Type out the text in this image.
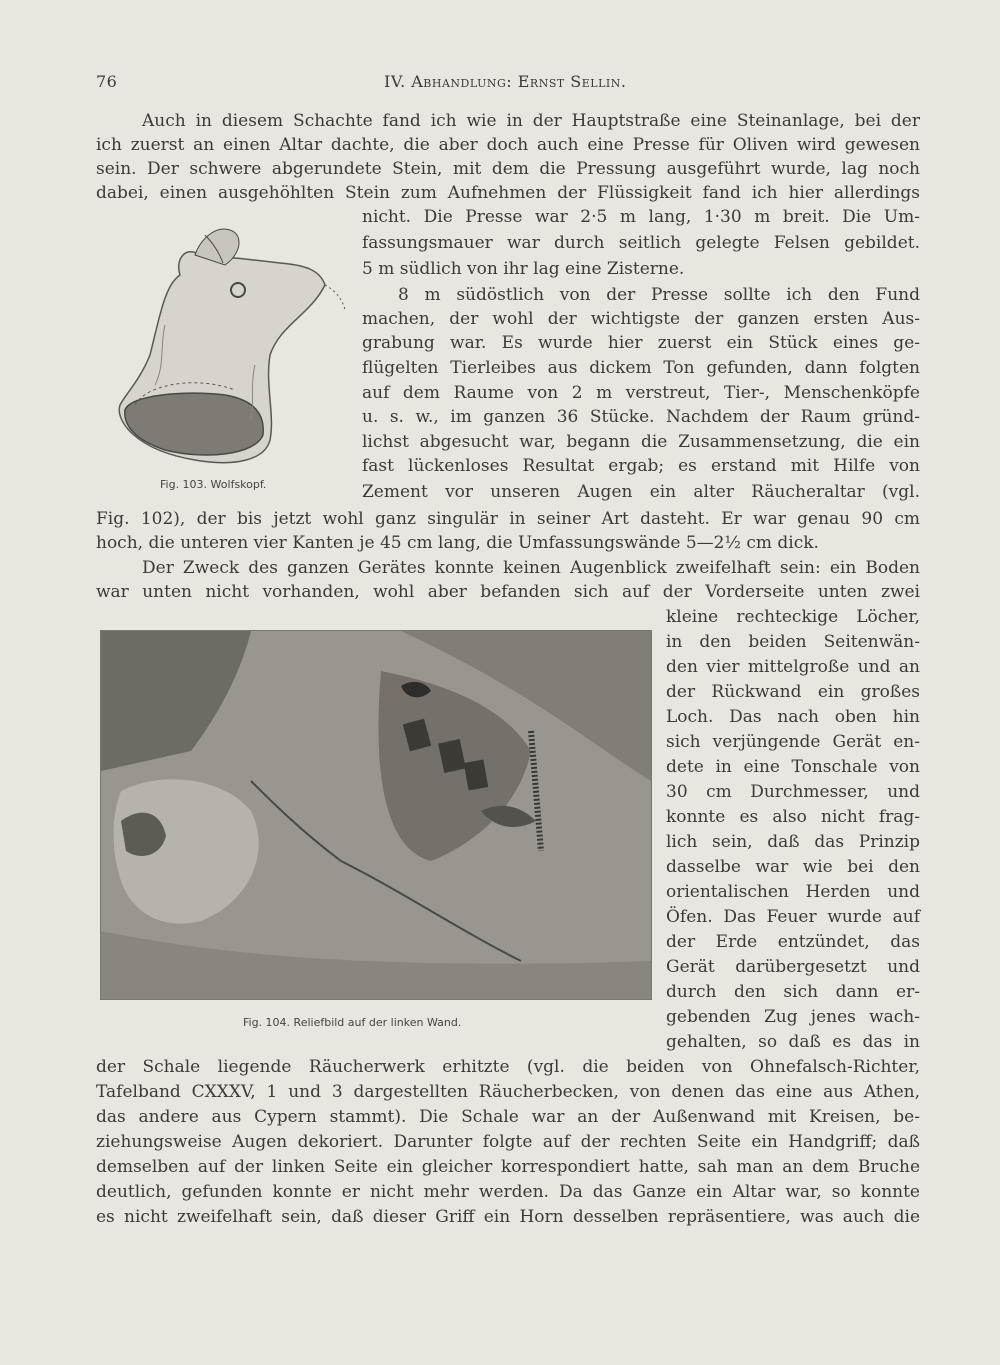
76	IV. Abhandlung: Ernst Sellin.
Fig. 103. Wolfskopf.
Fig. 104. Reliefbild auf der linken Wand.
Auch in diesem Schachte fand ich wie in der Hauptstraße eine Steinanlage, bei der
ich zuerst an einen Altar dachte, die aber doch auch eine Presse für Oliven wird gewesen
sein. Der schwere abgerundete Stein, mit dem die Pressung ausgeführt wurde, lag noch
dabei, einen ausgehöhlten Stein zum Aufnehmen der Flüssigkeit fand ich hier allerdings
nicht. Die Presse war 2·5 m lang, 1·30 m breit. Die Um-
fassungsmauer war durch seitlich gelegte Felsen gebildet.
5 m südlich von ihr lag eine Zisterne.
8 m südöstlich von der Presse sollte ich den Fund
machen, der wohl der wichtigste der ganzen ersten Aus-
grabung war. Es wurde hier zuerst ein Stück eines ge-
flügelten Tierleibes aus dickem Ton gefunden, dann folgten
auf dem Raume von 2 m verstreut, Tier-, Menschenköpfe
u. s. w., im ganzen 36 Stücke. Nachdem der Raum gründ-
lichst abgesucht war, begann die Zusammensetzung, die ein
fast lückenloses Resultat ergab; es erstand mit Hilfe von
Zement vor unseren Augen ein alter Räucheraltar (vgl.
Fig. 102), der bis jetzt wohl ganz singulär in seiner Art dasteht. Er war genau 90 cm
hoch, die unteren vier Kanten je 45 cm lang, die Umfassungswände 5—2½ cm dick.
Der Zweck des ganzen Gerätes konnte keinen Augenblick zweifelhaft sein: ein Boden
war unten nicht vorhanden, wohl aber befanden sich auf der Vorderseite unten zwei
kleine rechteckige Löcher,
in den beiden Seitenwän-
den vier mittelgroße und an
der Rückwand ein großes
Loch. Das nach oben hin
sich verjüngende Gerät en-
dete in eine Tonschale von
30 cm Durchmesser, und
konnte es also nicht frag-
lich sein, daß das Prinzip
dasselbe war wie bei den
orientalischen Herden und
Öfen. Das Feuer wurde auf
der Erde entzündet, das
Gerät darübergesetzt und
durch den sich dann er-
gebenden Zug jenes wach-
gehalten, so daß es das in
der Schale liegende Räucherwerk erhitzte (vgl. die beiden von Ohnefalsch-Richter,
Tafelband CXXXV, 1 und 3 dargestellten Räucherbecken, von denen das eine aus Athen,
das andere aus Cypern stammt). Die Schale war an der Außenwand mit Kreisen, be-
ziehungsweise Augen dekoriert. Darunter folgte auf der rechten Seite ein Handgriff; daß
demselben auf der linken Seite ein gleicher korrespondiert hatte, sah man an dem Bruche
deutlich, gefunden konnte er nicht mehr werden. Da das Ganze ein Altar war, so konnte
es nicht zweifelhaft sein, daß dieser Griff ein Horn desselben repräsentiere, was auch die
